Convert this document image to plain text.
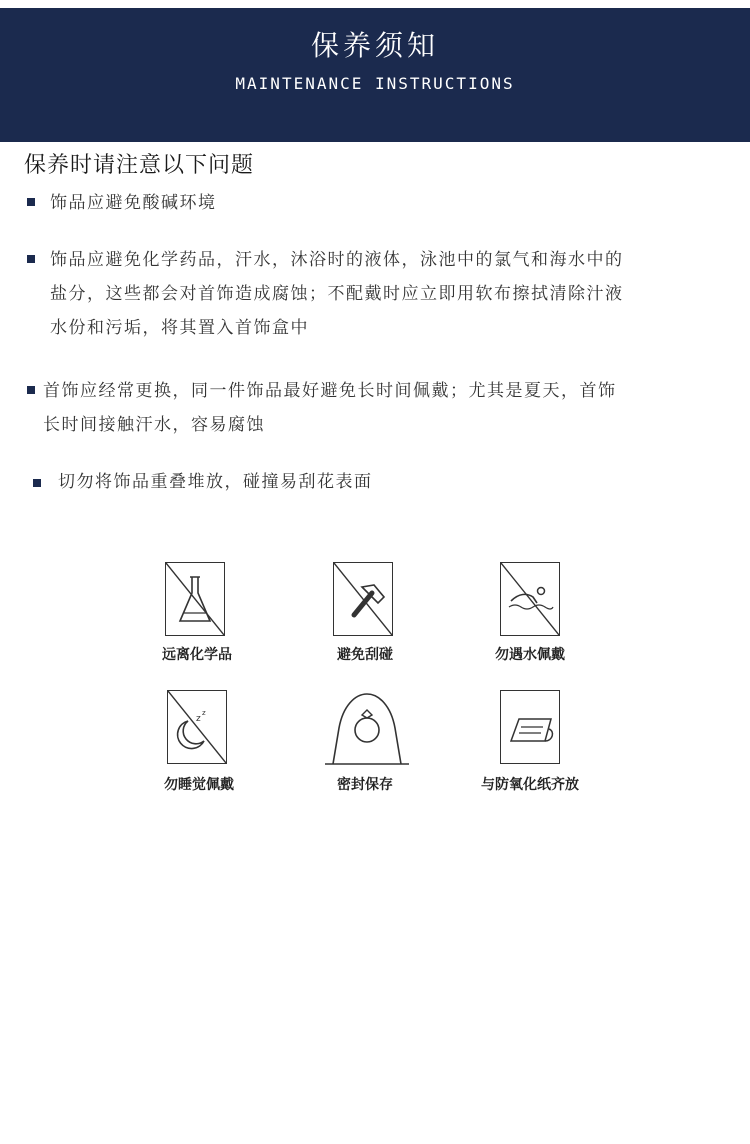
保养须知
MAINTENANCE INSTRUCTIONS
保养时请注意以下问题
饰品应避免酸碱环境
饰品应避免化学药品，汗水，沐浴时的液体，泳池中的氯气和海水中的
盐分，这些都会对首饰造成腐蚀；不配戴时应立即用软布擦拭清除汁液
水份和污垢，将其置入首饰盒中
首饰应经常更换，同一件饰品最好避免长时间佩戴；尤其是夏天，首饰
长时间接触汗水，容易腐蚀
切勿将饰品重叠堆放，碰撞易刮花表面
远离化学品	避免刮碰	勿遇水佩戴
z
z
勿睡觉佩戴	密封保存	与防氧化纸齐放
